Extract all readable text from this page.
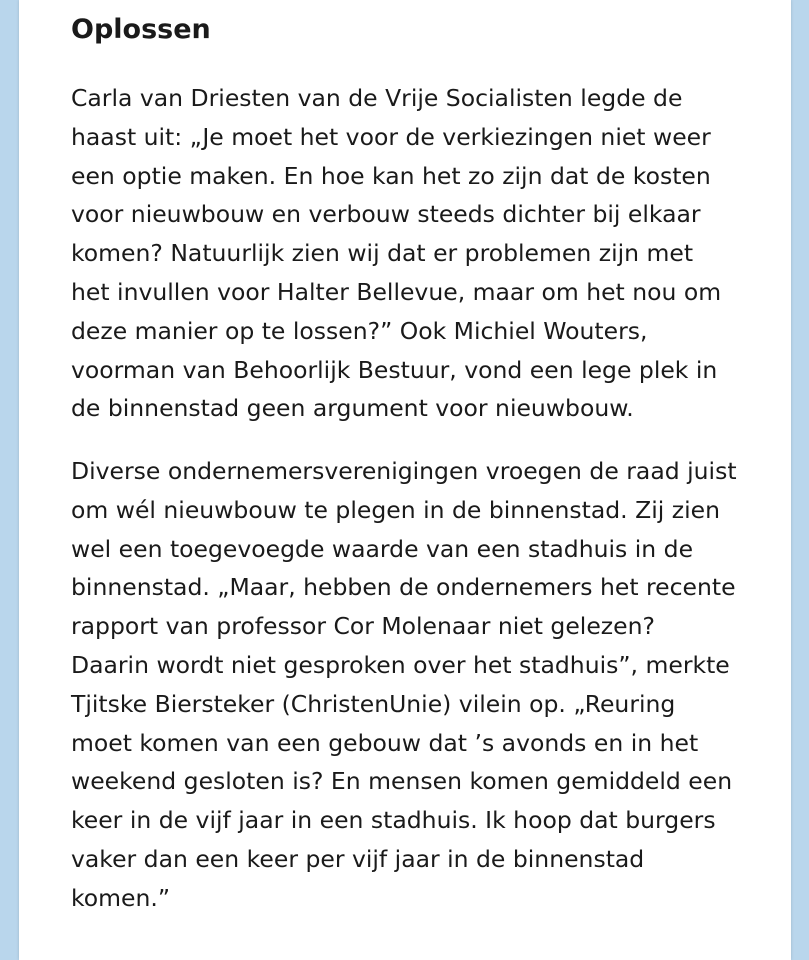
Oplossen

Carla van Driesten van de Vrije Socialisten legde de
haast uit: „Je moet het voor de verkiezingen niet weer
een optie maken. En hoe kan het zo zijn dat de kosten
voor nieuwbouw en verbouw steeds dichter bij elkaar
komen? Natuurlijk zien wij dat er problemen zijn met
het invullen voor Halter Bellevue, maar om het nou om
deze manier op te lossen?” Ook Michiel Wouters,
voorman van Behoorlijk Bestuur, vond een lege plek in
de binnenstad geen argument voor nieuwbouw.

Diverse ondernemersverenigingen vroegen de raad juist
om wél nieuwbouw te plegen in de binnenstad. Zij zien
wel een toegevoegde waarde van een stadhuis in de
binnenstad. „Maar, hebben de ondernemers het recente
rapport van professor Cor Molenaar niet gelezen?
Daarin wordt niet gesproken over het stadhuis”, merkte
Tjitske Biersteker (ChristenUnie) vilein op. „Reuring
moet komen van een gebouw dat ’s avonds en in het
weekend gesloten is? En mensen komen gemiddeld een
keer in de vijf jaar in een stadhuis. Ik hoop dat burgers
vaker dan een keer per vijf jaar in de binnenstad
komen.”
